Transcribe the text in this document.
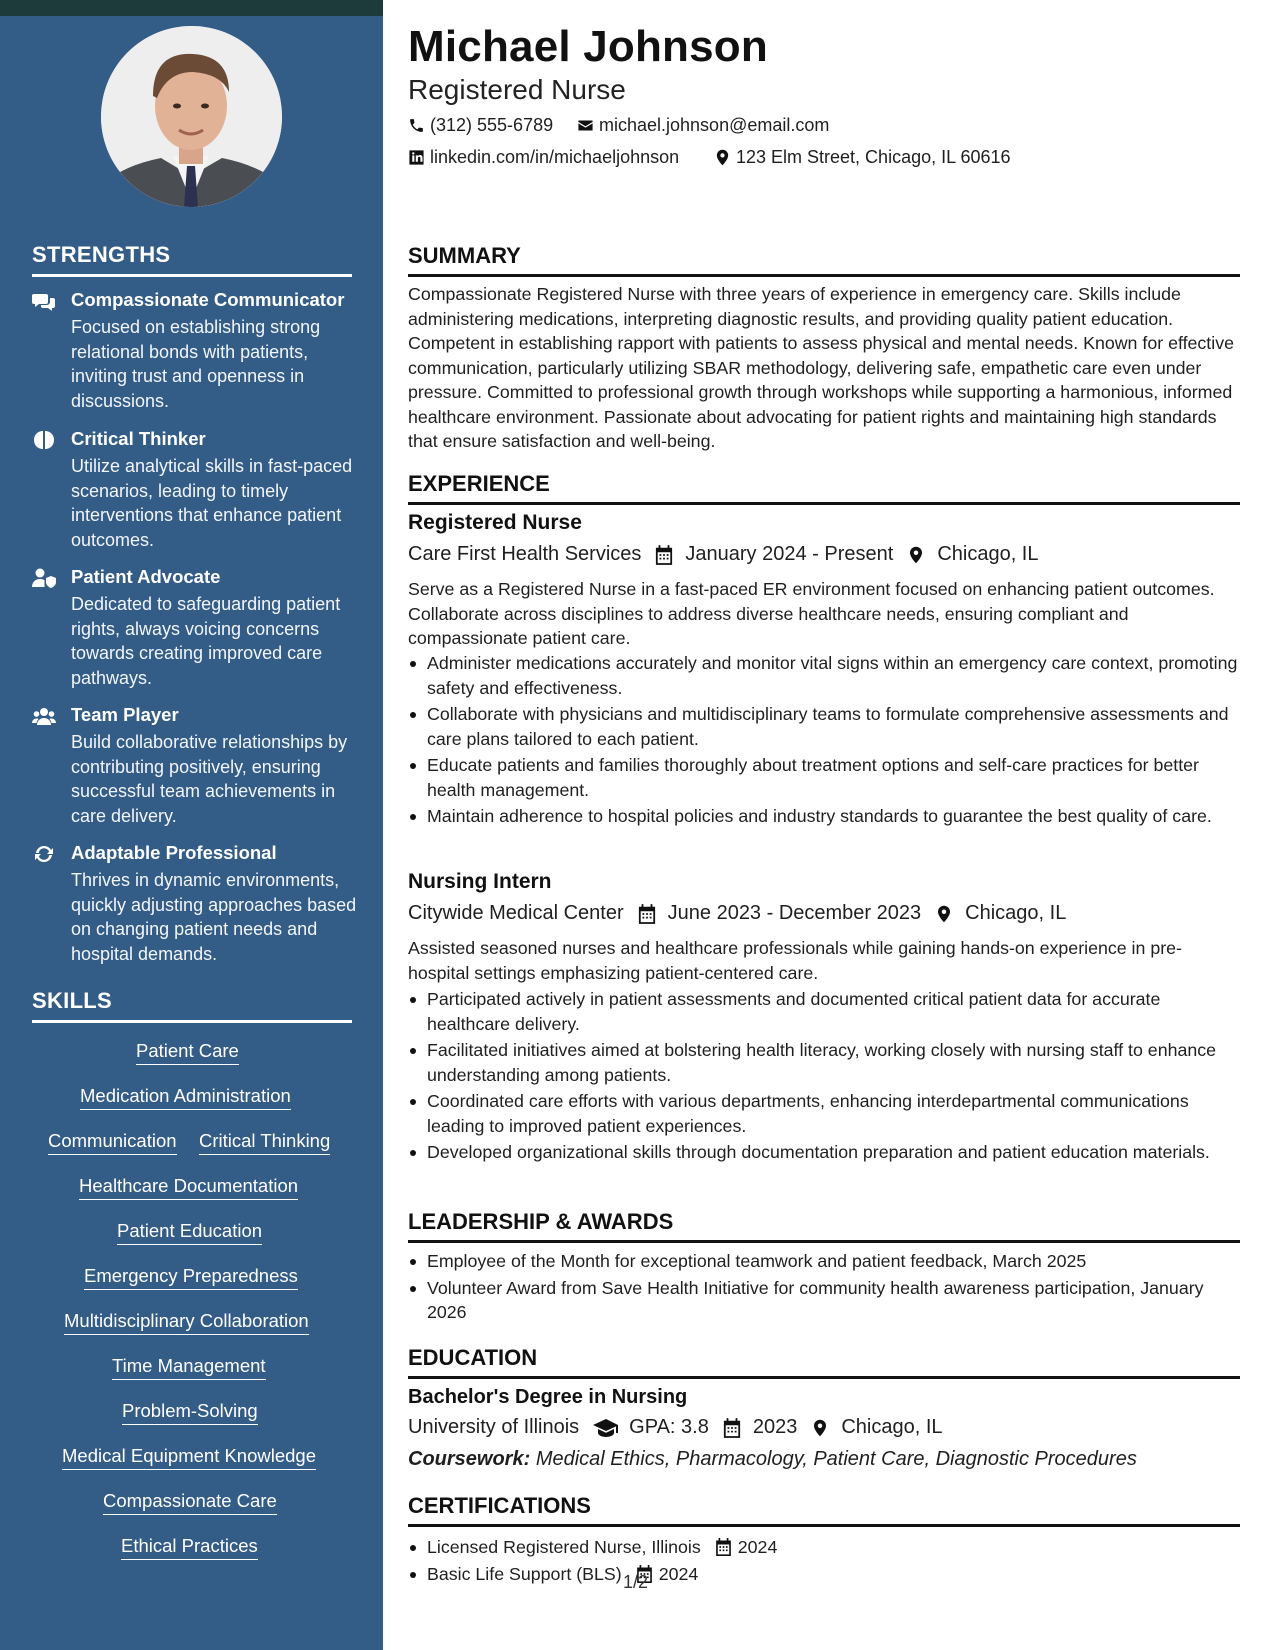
STRENGTHS
Compassionate Communicator
Focused on establishing strong relational bonds with patients, inviting trust and openness in discussions.
Critical Thinker
Utilize analytical skills in fast-paced scenarios, leading to timely interventions that enhance patient outcomes.
Patient Advocate
Dedicated to safeguarding patient rights, always voicing concerns towards creating improved care pathways.
Team Player
Build collaborative relationships by contributing positively, ensuring successful team achievements in care delivery.
Adaptable Professional
Thrives in dynamic environments, quickly adjusting approaches based on changing patient needs and hospital demands.
SKILLS
Patient Care
Medication Administration
Communication Critical Thinking
Healthcare Documentation
Patient Education
Emergency Preparedness
Multidisciplinary Collaboration
Time Management
Problem-Solving
Medical Equipment Knowledge
Compassionate Care
Ethical Practices
Michael Johnson
Registered Nurse
(312) 555-6789	michael.johnson@email.com
linkedin.com/in/michaeljohnson	123 Elm Street, Chicago, IL 60616
SUMMARY
Compassionate Registered Nurse with three years of experience in emergency care. Skills include administering medications, interpreting diagnostic results, and providing quality patient education. Competent in establishing rapport with patients to assess physical and mental needs. Known for effective communication, particularly utilizing SBAR methodology, delivering safe, empathetic care even under pressure. Committed to professional growth through workshops while supporting a harmonious, informed healthcare environment. Passionate about advocating for patient rights and maintaining high standards that ensure satisfaction and well-being.
EXPERIENCE
Registered Nurse
Care First Health Services January 2024 - Present Chicago, IL
Serve as a Registered Nurse in a fast-paced ER environment focused on enhancing patient outcomes. Collaborate across disciplines to address diverse healthcare needs, ensuring compliant and compassionate patient care.
Administer medications accurately and monitor vital signs within an emergency care context, promoting safety and effectiveness.
Collaborate with physicians and multidisciplinary teams to formulate comprehensive assessments and care plans tailored to each patient.
Educate patients and families thoroughly about treatment options and self-care practices for better health management.
Maintain adherence to hospital policies and industry standards to guarantee the best quality of care.
Nursing Intern
Citywide Medical Center June 2023 - December 2023 Chicago, IL
Assisted seasoned nurses and healthcare professionals while gaining hands-on experience in pre-hospital settings emphasizing patient-centered care.
Participated actively in patient assessments and documented critical patient data for accurate healthcare delivery.
Facilitated initiatives aimed at bolstering health literacy, working closely with nursing staff to enhance understanding among patients.
Coordinated care efforts with various departments, enhancing interdepartmental communications leading to improved patient experiences.
Developed organizational skills through documentation preparation and patient education materials.
LEADERSHIP & AWARDS
Employee of the Month for exceptional teamwork and patient feedback, March 2025
Volunteer Award from Save Health Initiative for community health awareness participation, January 2026
EDUCATION
Bachelor's Degree in Nursing
University of Illinois	GPA: 3.8 2023 Chicago, IL
Coursework: Medical Ethics, Pharmacology, Patient Care, Diagnostic Procedures
CERTIFICATIONS
Licensed Registered Nurse, Illinois 2024
Basic Life Support (BLS) 2024
1/2
